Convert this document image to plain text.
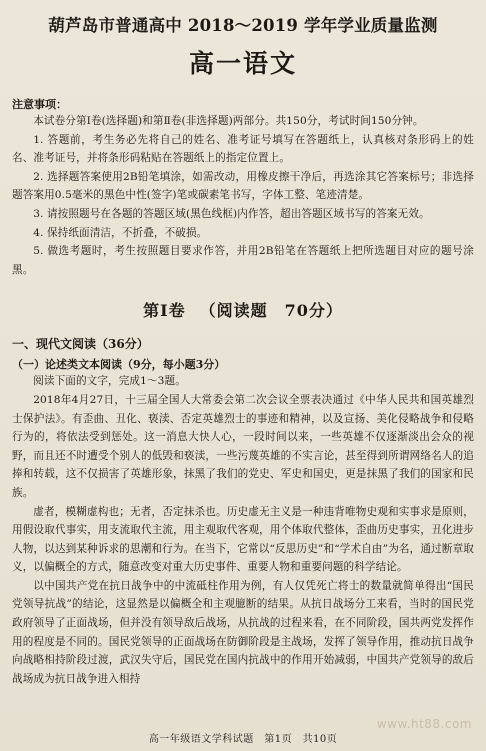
葫芦岛市普通高中 2018～2019 学年学业质量监测
高一语文
注意事项：

本试卷分第Ⅰ卷(选择题)和第Ⅱ卷(非选择题)两部分。共150分，考试时间150分钟。

1. 答题前，考生务必先将自己的姓名、准考证号填写在答题纸上，认真核对条形码上的姓名、准考证号，并将条形码粘贴在答题纸上的指定位置上。

2. 选择题答案使用2B铅笔填涂，如需改动，用橡皮擦干净后，再选涂其它答案标号；非选择题答案用0.5毫米的黑色中性(签字)笔或碳素笔书写，字体工整、笔迹清楚。

3. 请按照题号在各题的答题区域(黑色线框)内作答，超出答题区域书写的答案无效。

4. 保持纸面清洁，不折叠，不破损。

5. 做选考题时，考生按照题目要求作答，并用2B铅笔在答题纸上把所选题目对应的题号涂黑。

第Ⅰ卷 （阅读题　70分）
一、现代文阅读（36分）
（一）论述类文本阅读（9分，每小题3分）

阅读下面的文字，完成1～3题。

2018年4月27日，十三届全国人大常委会第二次会议全票表决通过《中华人民共和国英雄烈士保护法》。有歪曲、丑化、亵渎、否定英雄烈士的事迹和精神，以及宣扬、美化侵略战争和侵略行为的，将依法受到惩处。这一消息大快人心，一段时间以来，一些英雄不仅逐渐淡出会众的视野，而且还不时遭受个别人的低毁和亵渎，一些污蔑英雄的不实言论，甚至得到所谓网络名人的追捧和转载，这不仅损害了英雄形象，抹黑了我们的党史、军史和国史，更是抹黑了我们的国家和民族。

虚者，模糊虚构也；无者，否定抹杀也。历史虚无主义是一种违背唯物史观和实事求是原则，用假设取代事实，用支流取代主流，用主观取代客观，用个体取代整体，歪曲历史事实，丑化进步人物，以达到某种诉求的思潮和行为。在当下，它常以“反思历史”和“学术自由”为名，通过断章取义，以偏概全的方式，随意改变对重大历史事件、重要人物和重要问题的科学结论。

以中国共产党在抗日战争中的中流砥柱作用为例，有人仅凭死亡将士的数量就简单得出“国民党领导抗战”的结论，这显然是以偏概全和主观臆断的结果。从抗日战场分工来看，当时的国民党政府领导了正面战场，但并没有领导敌后战场，从抗战的过程来看，在不同阶段，国共两党发挥作用的程度是不同的。国民党领导的正面战场在防御阶段是主战场，发挥了领导作用，推动抗日战争向战略相持阶段过渡，武汉失守后，国民党在国内抗战中的作用开始减弱，中国共产党领导的敌后战场成为抗日战争进入相持

www.ht88.com
高一年级语文学科试题　第1页　共10页
